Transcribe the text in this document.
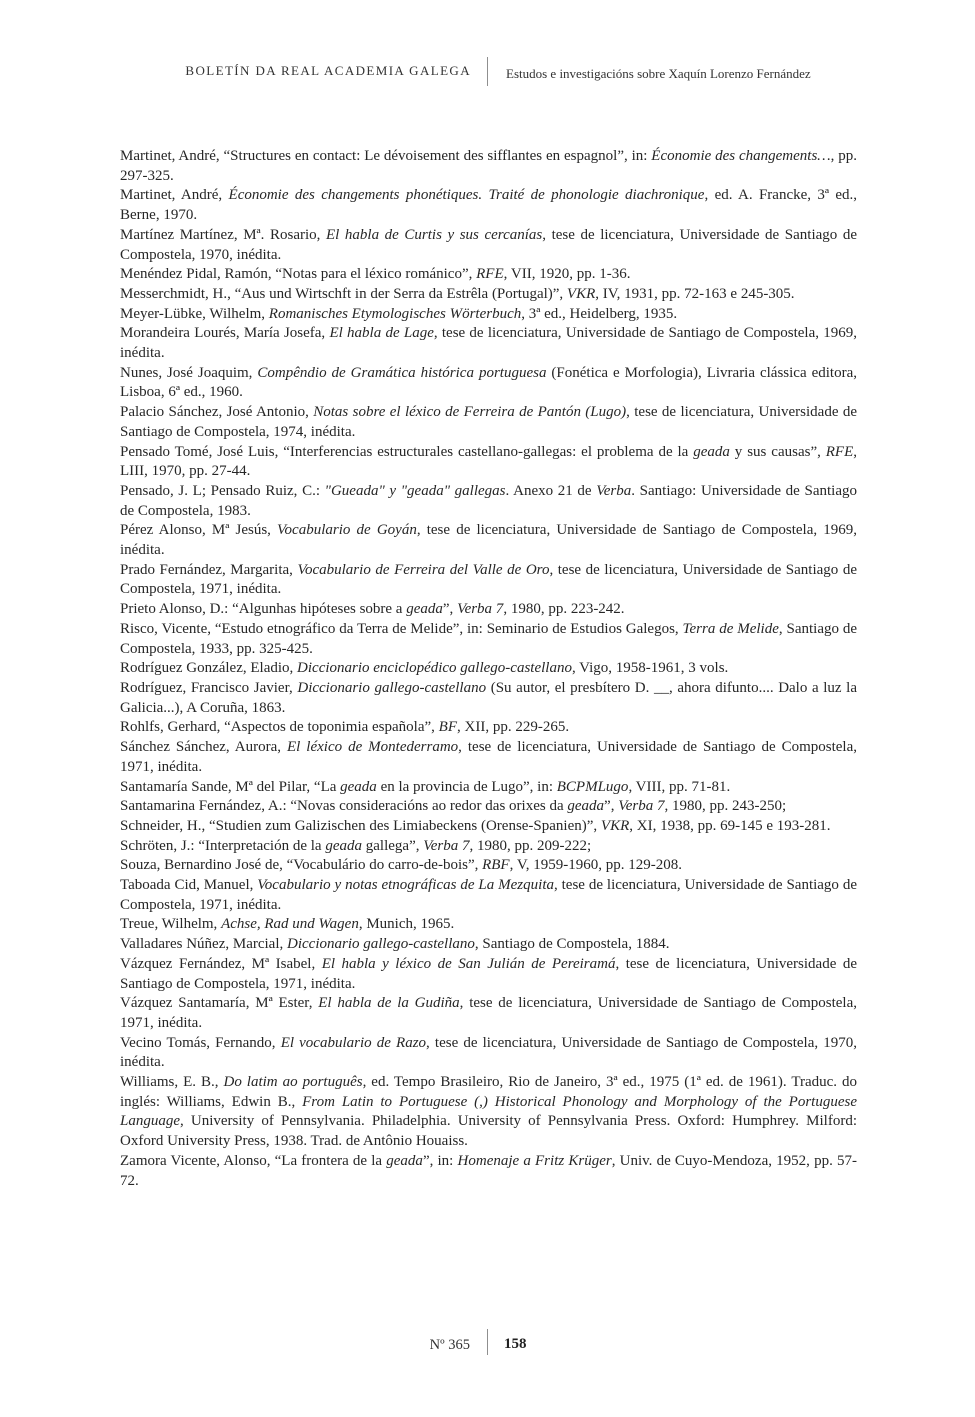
BOLETÍN DA REAL ACADEMIA GALEGA	Estudos e investigacións sobre Xaquín Lorenzo Fernández

Martinet, André, “Structures en contact: Le dévoisement des sifflantes en espagnol”, in: Économie des changements…, pp. 297-325.

Martinet, André, Économie des changements phonétiques. Traité de phonologie diachronique, ed. A. Francke, 3ª ed., Berne, 1970.

Martínez Martínez, Mª. Rosario, El habla de Curtis y sus cercanías, tese de licenciatura, Universidade de Santiago de Compostela, 1970, inédita.

Menéndez Pidal, Ramón, “Notas para el léxico románico”, RFE, VII, 1920, pp. 1-36.

Messerchmidt, H., “Aus und Wirtschft in der Serra da Estrêla (Portugal)”, VKR, IV, 1931, pp. 72-163 e 245-305.

Meyer-Lübke, Wilhelm, Romanisches Etymologisches Wörterbuch, 3ª ed., Heidelberg, 1935.

Morandeira Lourés, María Josefa, El habla de Lage, tese de licenciatura, Universidade de Santiago de Compostela, 1969, inédita.

Nunes, José Joaquim, Compêndio de Gramática histórica portuguesa (Fonética e Morfologia), Livraria clássica editora, Lisboa, 6ª ed., 1960.

Palacio Sánchez, José Antonio, Notas sobre el léxico de Ferreira de Pantón (Lugo), tese de licenciatura, Universidade de Santiago de Compostela, 1974, inédita.

Pensado Tomé, José Luis, “Interferencias estructurales castellano-gallegas: el problema de la geada y sus causas”, RFE, LIII, 1970, pp. 27-44.

Pensado, J. L; Pensado Ruiz, C.: "Gueada" y "geada" gallegas. Anexo 21 de Verba. Santiago: Universidade de Santiago de Compostela, 1983.

Pérez Alonso, Mª Jesús, Vocabulario de Goyán, tese de licenciatura, Universidade de Santiago de Compostela, 1969, inédita.

Prado Fernández, Margarita, Vocabulario de Ferreira del Valle de Oro, tese de licenciatura, Universidade de Santiago de Compostela, 1971, inédita.

Prieto Alonso, D.: “Algunhas hipóteses sobre a geada”, Verba 7, 1980, pp. 223-242.

Risco, Vicente, “Estudo etnográfico da Terra de Melide”, in: Seminario de Estudios Galegos, Terra de Melide, Santiago de Compostela, 1933, pp. 325-425.

Rodríguez González, Eladio, Diccionario enciclopédico gallego-castellano, Vigo, 1958-1961, 3 vols.

Rodríguez, Francisco Javier, Diccionario gallego-castellano (Su autor, el presbítero D. __, ahora difunto.... Dalo a luz la Galicia...), A Coruña, 1863.

Rohlfs, Gerhard, “Aspectos de toponimia española”, BF, XII, pp. 229-265.

Sánchez Sánchez, Aurora, El léxico de Montederramo, tese de licenciatura, Universidade de Santiago de Compostela, 1971, inédita.

Santamaría Sande, Mª del Pilar, “La geada en la provincia de Lugo”, in: BCPMLugo, VIII, pp. 71-81.

Santamarina Fernández, A.: “Novas consideracións ao redor das orixes da geada”, Verba 7, 1980, pp. 243-250;

Schneider, H., “Studien zum Galizischen des Limiabeckens (Orense-Spanien)”, VKR, XI, 1938, pp. 69-145 e 193-281.

Schröten, J.: “Interpretación de la geada gallega”, Verba 7, 1980, pp. 209-222;

Souza, Bernardino José de, “Vocabulário do carro-de-bois”, RBF, V, 1959-1960, pp. 129-208.

Taboada Cid, Manuel, Vocabulario y notas etnográficas de La Mezquita, tese de licenciatura, Universidade de Santiago de Compostela, 1971, inédita.

Treue, Wilhelm, Achse, Rad und Wagen, Munich, 1965.

Valladares Núñez, Marcial, Diccionario gallego-castellano, Santiago de Compostela, 1884.

Vázquez Fernández, Mª Isabel, El habla y léxico de San Julián de Pereiramá, tese de licenciatura, Universidade de Santiago de Compostela, 1971, inédita.

Vázquez Santamaría, Mª Ester, El habla de la Gudiña, tese de licenciatura, Universidade de Santiago de Compostela, 1971, inédita.

Vecino Tomás, Fernando, El vocabulario de Razo, tese de licenciatura, Universidade de Santiago de Compostela, 1970, inédita.

Williams, E. B., Do latim ao português, ed. Tempo Brasileiro, Rio de Janeiro, 3ª ed., 1975 (1ª ed. de 1961). Traduc. do inglés: Williams, Edwin B., From Latin to Portuguese (,) Historical Phonology and Morphology of the Portuguese Language, University of Pennsylvania. Philadelphia. University of Pennsylvania Press. Oxford: Humphrey. Milford: Oxford University Press, 1938. Trad. de Antônio Houaiss.

Zamora Vicente, Alonso, “La frontera de la geada”, in: Homenaje a Fritz Krüger, Univ. de Cuyo-Mendoza, 1952, pp. 57-72.

Nº 365 158
